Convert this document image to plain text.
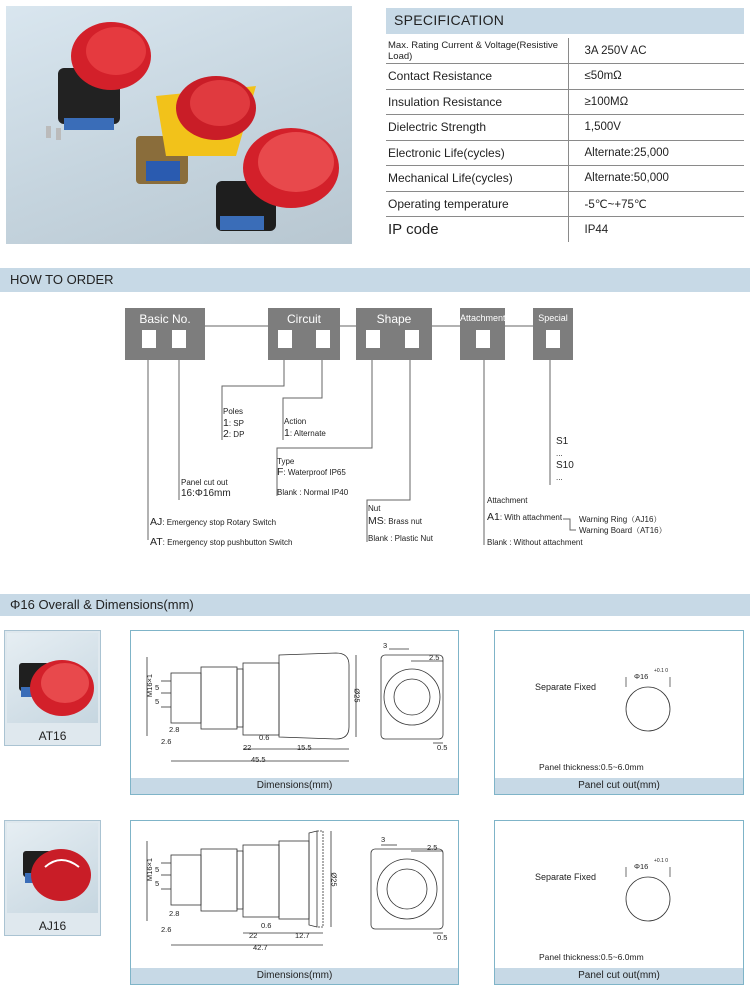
SPECIFICATION
Max. Rating Current & Voltage(Resistive Load)	3A 250V AC
Contact Resistance	≤50mΩ
Insulation Resistance	≥100MΩ
Dielectric Strength	1,500V
Electronic Life(cycles)	Alternate:25,000
Mechanical Life(cycles)	Alternate:50,000
Operating temperature	-5℃~+75℃
IP code	IP44
HOW TO ORDER
Basic No.	Circuit	Shape	Attachment	Special
Poles
1: SP
2: DP
Action
1: Alternate
S1
...
S10
...
Type
F: Waterproof IP65
Blank : Normal IP40
Panel cut out
16:Φ16mm
Nut
MS: Brass nut
Blank : Plastic Nut
Attachment
A1: With attachment Warning Ring（AJ16）
Warning Board（AT16）
Blank : Without attachment
AJ: Emergency stop Rotary Switch
AT: Emergency stop pushbutton Switch
Φ16 Overall & Dimensions(mm)
AT16
M16×1 5
5
2.8
2.6	0.6
22	15.5
45.5
Ø25
3
2.5
0.5
Dimensions(mm)
Separate Fixed
Φ16
+0.1 0
Panel thickness:0.5~6.0mm
Panel cut out(mm)
AJ16
M16×1 5
5
2.8
2.6	0.6
22	12.7
42.7
Ø25
3
2.5
0.5
Dimensions(mm)
Separate Fixed
Φ16
+0.1 0
Panel thickness:0.5~6.0mm
Panel cut out(mm)
